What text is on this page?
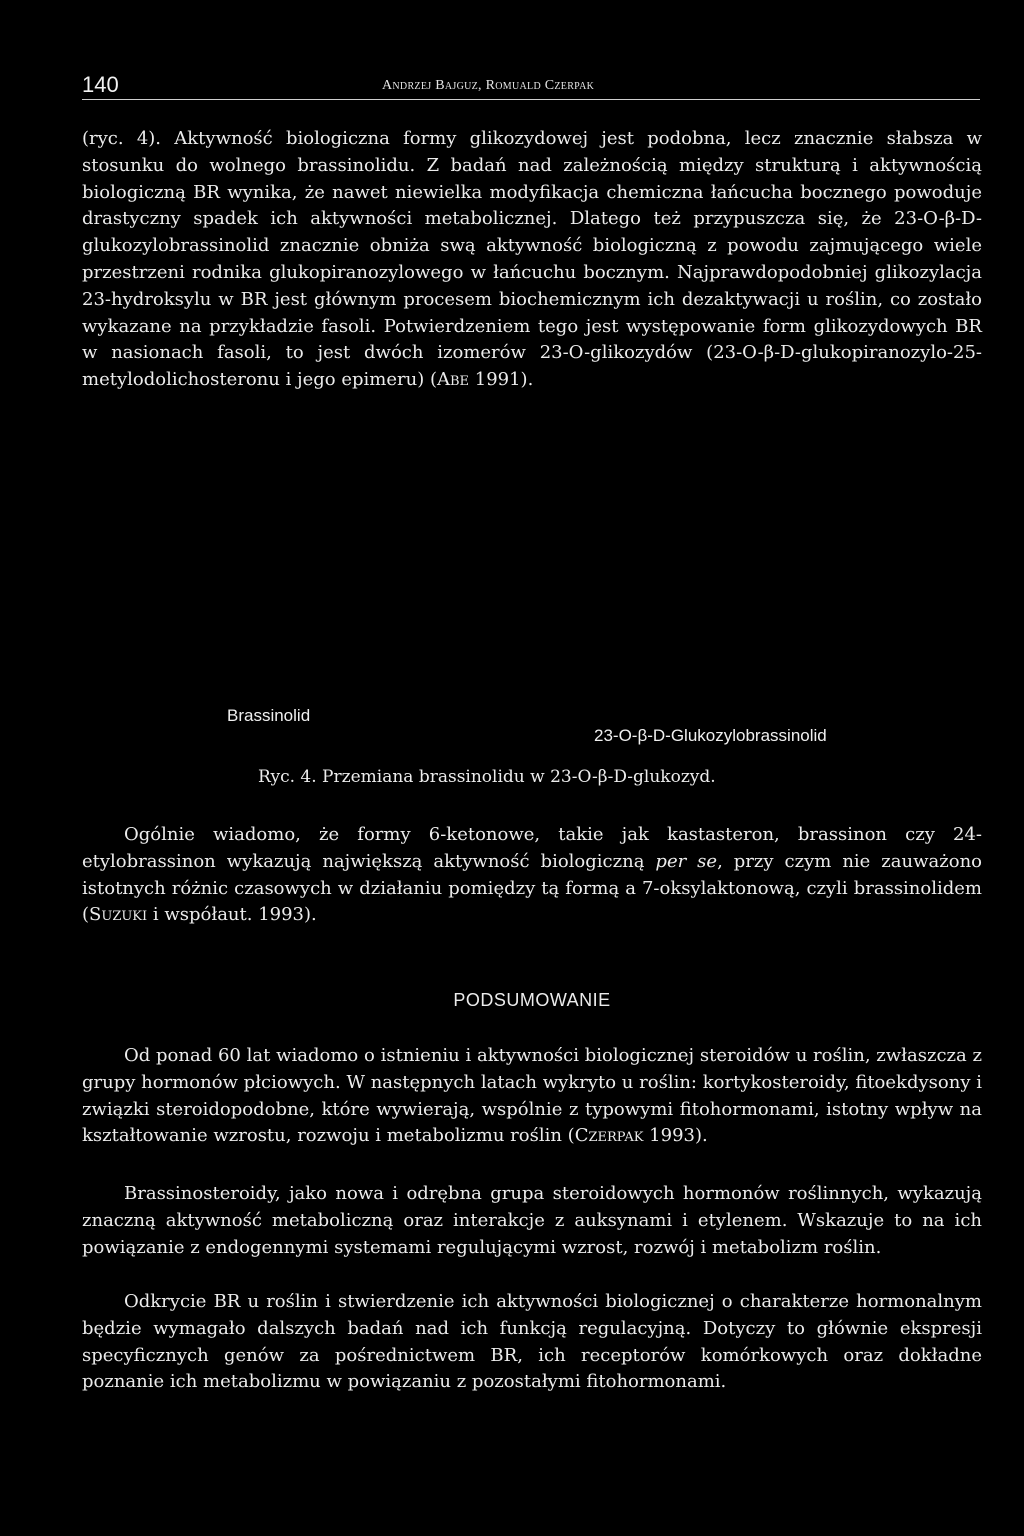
140	Andrzej Bajguz, Romuald Czerpak

(ryc. 4). Aktywność biologiczna formy glikozydowej jest podobna, lecz znacznie słabsza w stosunku do wolnego brassinolidu. Z badań nad zależnością między strukturą i aktywnością biologiczną BR wynika, że nawet niewielka modyfikacja chemiczna łańcucha bocznego powoduje drastyczny spadek ich aktywności metabolicznej. Dlatego też przypuszcza się, że 23-O-β-D-glukozylobrassinolid znacznie obniża swą aktywność biologiczną z powodu zajmującego wiele przestrzeni rodnika glukopiranozylowego w łańcuchu bocznym. Najprawdopodobniej glikozylacja 23-hydroksylu w BR jest głównym procesem biochemicznym ich dezaktywacji u roślin, co zostało wykazane na przykładzie fasoli. Potwierdzeniem tego jest występowanie form glikozydowych BR w nasionach fasoli, to jest dwóch izomerów 23-O-glikozydów (23-O-β-D-glukopiranozylo-25-metylodolichosteronu i jego epimeru) (Abe 1991).

Brassinolid
23-O-β-D-Glukozylobrassinolid
Ryc. 4. Przemiana brassinolidu w 23-O-β-D-glukozyd.

Ogólnie wiadomo, że formy 6-ketonowe, takie jak kastasteron, brassinon czy 24-etylobrassinon wykazują największą aktywność biologiczną per se, przy czym nie zauważono istotnych różnic czasowych w działaniu pomiędzy tą formą a 7-oksylaktonową, czyli brassinolidem (Suzuki i współaut. 1993).

PODSUMOWANIE

Od ponad 60 lat wiadomo o istnieniu i aktywności biologicznej steroidów u roślin, zwłaszcza z grupy hormonów płciowych. W następnych latach wykryto u roślin: kortykosteroidy, fitoekdysony i związki steroidopodobne, które wywierają, wspólnie z typowymi fitohormonami, istotny wpływ na kształtowanie wzrostu, rozwoju i metabolizmu roślin (Czerpak 1993).

Brassinosteroidy, jako nowa i odrębna grupa steroidowych hormonów roślinnych, wykazują znaczną aktywność metaboliczną oraz interakcje z auksynami i etylenem. Wskazuje to na ich powiązanie z endogennymi systemami regulującymi wzrost, rozwój i metabolizm roślin.

Odkrycie BR u roślin i stwierdzenie ich aktywności biologicznej o charakterze hormonalnym będzie wymagało dalszych badań nad ich funkcją regulacyjną. Dotyczy to głównie ekspresji specyficznych genów za pośrednictwem BR, ich receptorów komórkowych oraz dokładne poznanie ich metabolizmu w powiązaniu z pozostałymi fitohormonami.
